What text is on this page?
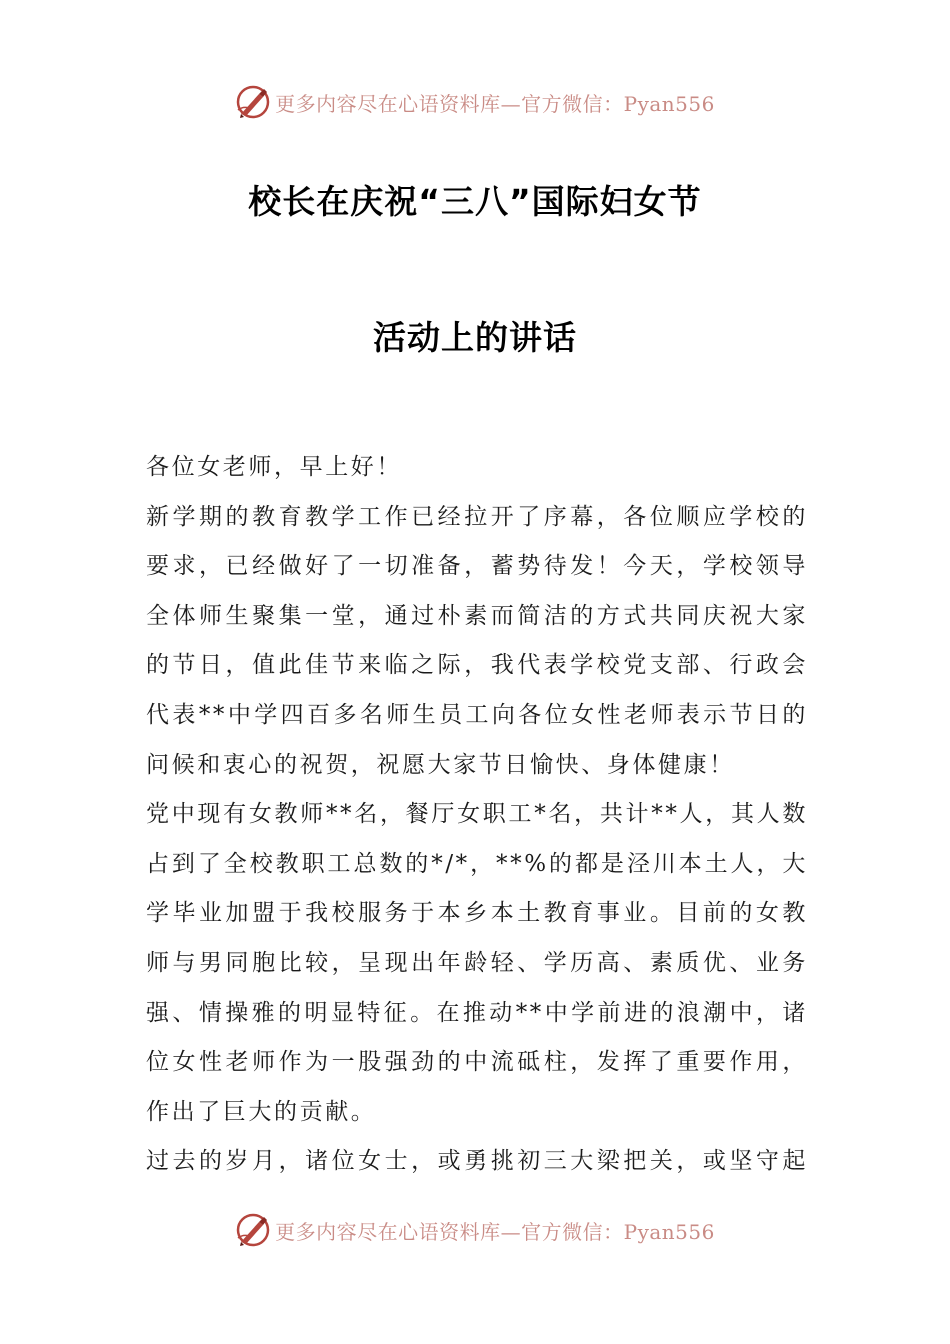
更多内容尽在心语资料库—官方微信：Pyan556
校长在庆祝“三八”国际妇女节
活动上的讲话
各位女老师，早上好！
新学期的教育教学工作已经拉开了序幕，各位顺应学校的
要求，已经做好了一切准备，蓄势待发！今天，学校领导
全体师生聚集一堂，通过朴素而简洁的方式共同庆祝大家
的节日，值此佳节来临之际，我代表学校党支部、行政会
代表**中学四百多名师生员工向各位女性老师表示节日的
问候和衷心的祝贺，祝愿大家节日愉快、身体健康！
党中现有女教师**名，餐厅女职工*名，共计**人，其人数
占到了全校教职工总数的*/*，**%的都是泾川本土人，大
学毕业加盟于我校服务于本乡本土教育事业。目前的女教
师与男同胞比较，呈现出年龄轻、学历高、素质优、业务
强、情操雅的明显特征。在推动**中学前进的浪潮中，诸
位女性老师作为一股强劲的中流砥柱，发挥了重要作用，
作出了巨大的贡献。
过去的岁月，诸位女士，或勇挑初三大梁把关，或坚守起
更多内容尽在心语资料库—官方微信：Pyan556
